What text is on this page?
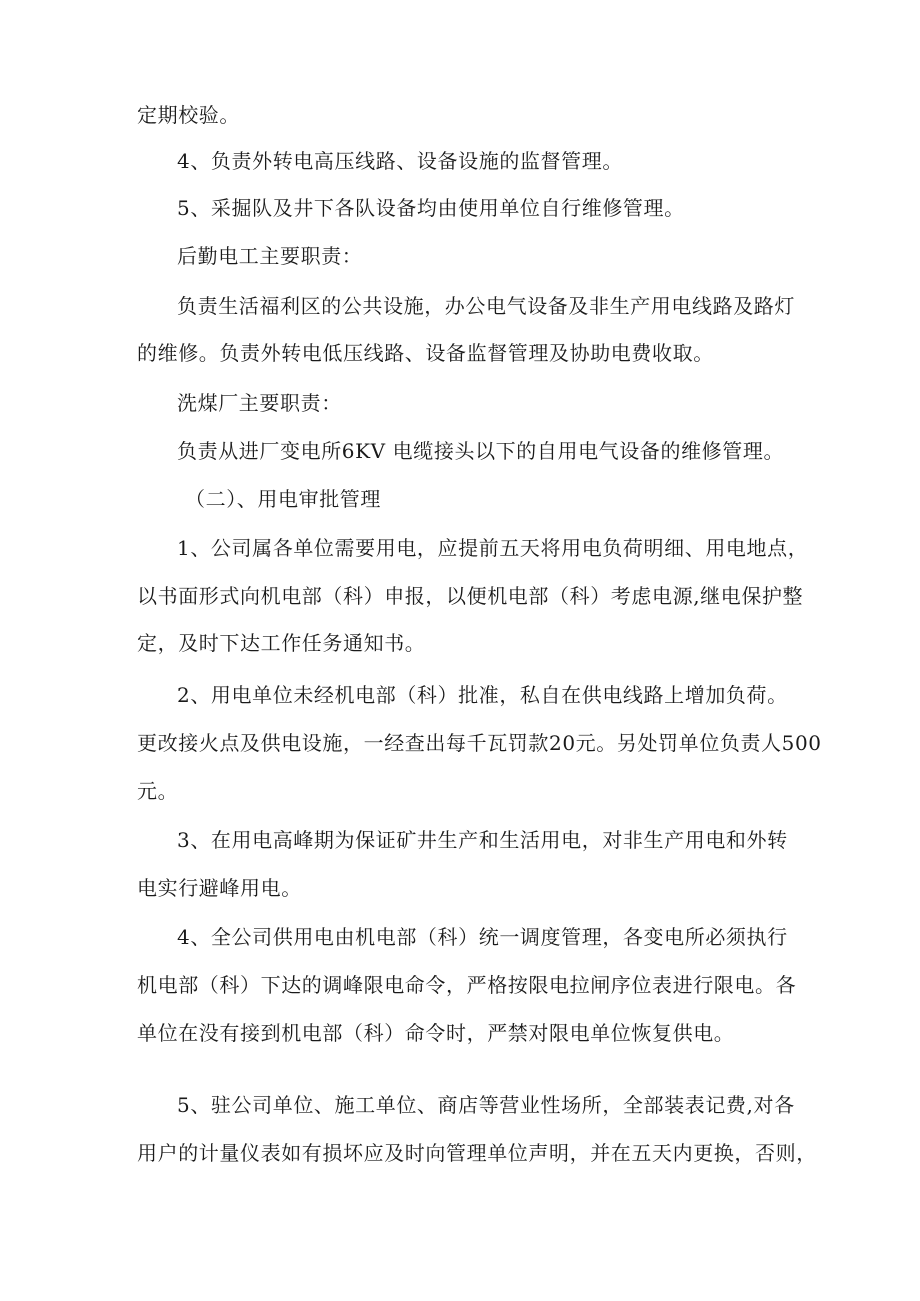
定期校验。
4、负责外转电高压线路、设备设施的监督管理。
5、采掘队及井下各队设备均由使用单位自行维修管理。
后勤电工主要职责：
负责生活福利区的公共设施，办公电气设备及非生产用电线路及路灯
的维修。负责外转电低压线路、设备监督管理及协助电费收取。
洗煤厂主要职责：
负责从进厂变电所6KV 电缆接头以下的自用电气设备的维修管理。
（二）、用电审批管理
1、公司属各单位需要用电，应提前五天将用电负荷明细、用电地点，
以书面形式向机电部（科）申报，以便机电部（科）考虑电源,继电保护整
定，及时下达工作任务通知书。
2、用电单位未经机电部（科）批准，私自在供电线路上增加负荷。
更改接火点及供电设施，一经查出每千瓦罚款20元。另处罚单位负责人500
元。
3、在用电高峰期为保证矿井生产和生活用电，对非生产用电和外转
电实行避峰用电。
4、全公司供用电由机电部（科）统一调度管理，各变电所必须执行
机电部（科）下达的调峰限电命令，严格按限电拉闸序位表进行限电。各
单位在没有接到机电部（科）命令时，严禁对限电单位恢复供电。
5、驻公司单位、施工单位、商店等营业性场所，全部装表记费,对各
用户的计量仪表如有损坏应及时向管理单位声明，并在五天内更换，否则，
